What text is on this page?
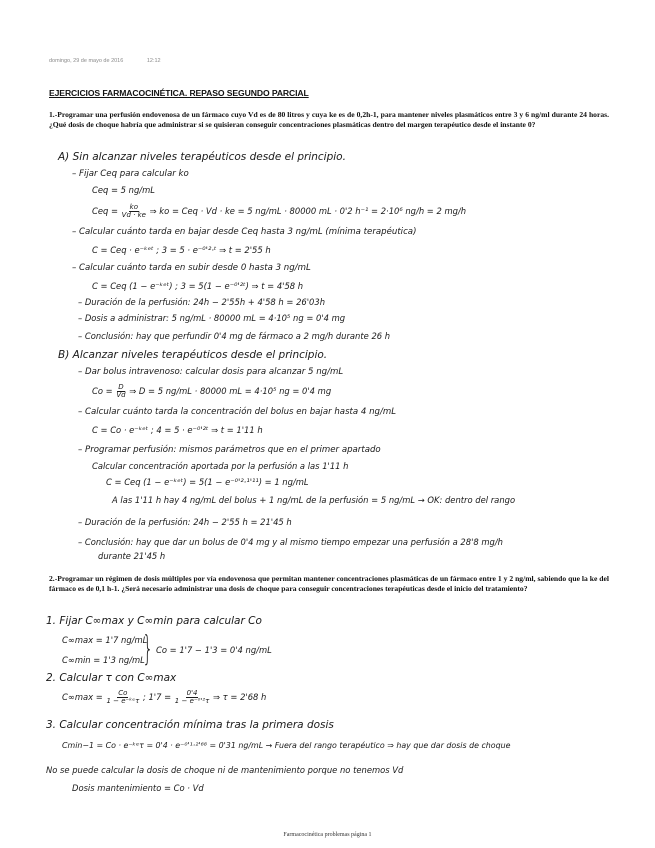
domingo, 29 de mayo de 2016	12:12
EJERCICIOS FARMACOCINÉTICA. REPASO SEGUNDO PARCIAL
1.-Programar una perfusión endovenosa de un fármaco cuyo Vd es de 80 litros y cuya ke es de 0,2h-1, para mantener niveles plasmáticos entre 3 y 6 ng/ml durante 24 horas. ¿Qué dosis de choque habría que administrar si se quisieran conseguir concentraciones plasmáticas dentro del margen terapéutico desde el instante 0?
A) Sin alcanzar niveles terapéuticos desde el principio.
– Fijar Ceq para calcular ko
Ceq = 5 ng/mL
Ceq = $\frac{ko}{Vd \cdot ke}$ ⇒ ko = Ceq · Vd · ke = 5 ng/mL · 80000 mL · 0'2 h⁻¹ = 2·10⁶ ng/h = 2 mg/h
– Calcular cuánto tarda en bajar desde Ceq hasta 3 ng/mL (mínima terapéutica)
C = Ceq · e⁻ᵏᵉᵗ ; 3 = 5 · e⁻⁰'²·ᵗ ⇒ t = 2'55 h
– Calcular cuánto tarda en subir desde 0 hasta 3 ng/mL
C = Ceq (1 − e⁻ᵏᵉᵗ) ; 3 = 5(1 − e⁻⁰'²ᵗ) ⇒ t = 4'58 h
– Duración de la perfusión: 24h − 2'55h + 4'58 h = 26'03h
– Dosis a administrar: 5 ng/mL · 80000 mL = 4·10⁵ ng = 0'4 mg
– Conclusión: hay que perfundir 0'4 mg de fármaco a 2 mg/h durante 26 h
B) Alcanzar niveles terapéuticos desde el principio.
– Dar bolus intravenoso: calcular dosis para alcanzar 5 ng/mL
$Co = \frac{D}{Vd}$ ⇒ D = 5 ng/mL · 80000 mL = 4·10⁵ ng = 0'4 mg
– Calcular cuánto tarda la concentración del bolus en bajar hasta 4 ng/mL
C = Co · e⁻ᵏᵉᵗ ; 4 = 5 · e⁻⁰'²ᵗ ⇒ t = 1'11 h
– Programar perfusión: mismos parámetros que en el primer apartado
Calcular concentración aportada por la perfusión a las 1'11 h
C = Ceq (1 − e⁻ᵏᵉᵗ) = 5(1 − e⁻⁰'²·¹'¹¹) = 1 ng/mL
A las 1'11 h hay 4 ng/mL del bolus + 1 ng/mL de la perfusión = 5 ng/mL → OK: dentro del rango
– Duración de la perfusión: 24h − 2'55 h = 21'45 h
– Conclusión: hay que dar un bolus de 0'4 mg y al mismo tiempo empezar una perfusión a 28'8 mg/h
durante 21'45 h
2.-Programar un régimen de dosis múltiples por vía endovenosa que permitan mantener concentraciones plasmáticas de un fármaco entre 1 y 2 ng/ml, sabiendo que la ke del fármaco es de 0,1 h-1. ¿Será necesario administrar una dosis de choque para conseguir concentraciones terapéuticas desde el inicio del tratamiento?
1. Fijar C∞max y C∞min para calcular Co
C∞max = 1'7 ng/mL
C∞min = 1'3 ng/mL
} Co = 1'7 − 1'3 = 0'4 ng/mL
2. Calcular τ con C∞max
$C\infty\max = \frac{Co}{\text{1 − e⁻ᵏᵉτ}}$ ; $1'7 = \frac{0'4}{\text{1 − e⁻⁰'²τ}}$ ⇒ τ = 2'68 h
3. Calcular concentración mínima tras la primera dosis
Cmin−1 = Co · e⁻ᵏᵉτ = 0'4 · e⁻⁰'¹·²'⁶⁸ = 0'31 ng/mL → Fuera del rango terapéutico ⇒ hay que dar dosis de choque
No se puede calcular la dosis de choque ni de mantenimiento porque no tenemos Vd
Dosis mantenimiento = Co · Vd
Farmacocinética problemas página 1
